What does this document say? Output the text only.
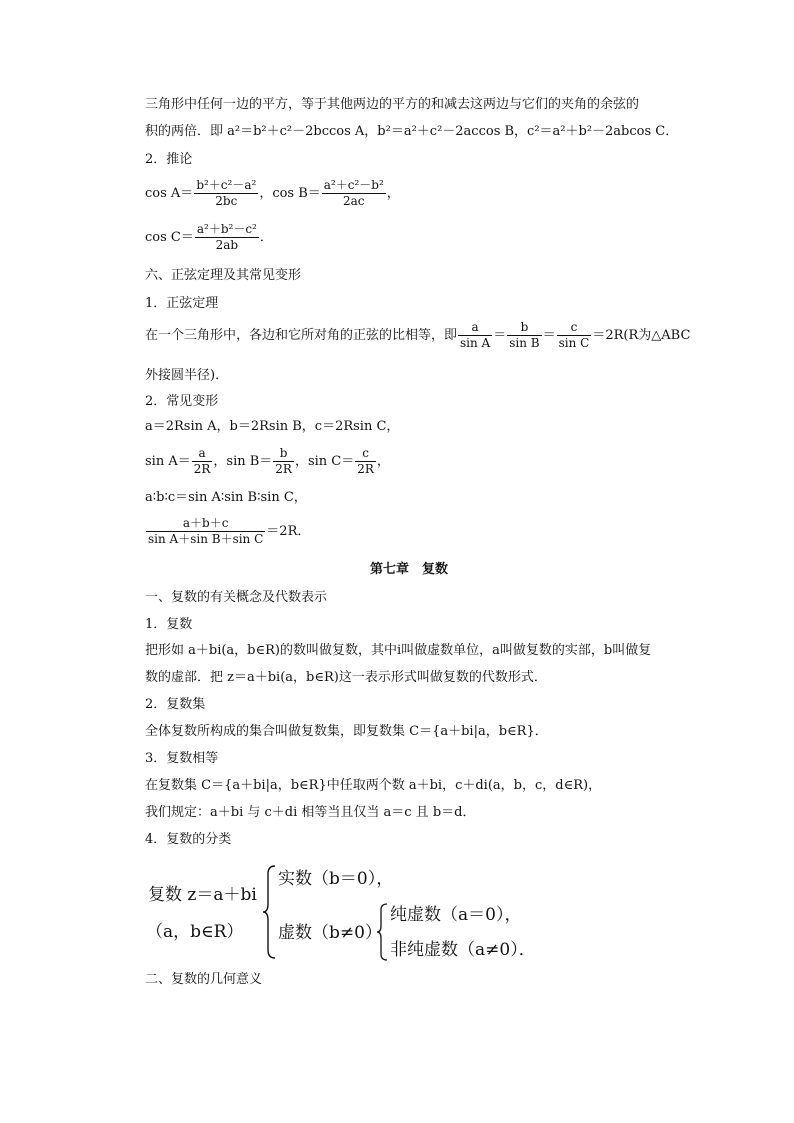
三角形中任何一边的平方，等于其他两边的平方的和减去这两边与它们的夹角的余弦的
积的两倍．即 a²＝b²＋c²－2bccos A，b²＝a²＋c²－2accos B，c²＝a²＋b²－2abcos C．
2．推论
$\cos A= \frac{\text{b²＋c²－a²}}{2bc}$ ，$\cos B= \frac{\text{a²＋c²－b²}}{2ac}$ ，
$\cos C= \frac{\text{a²＋b²－c²}}{2ab}$ ．
六、正弦定理及其常见变形
1．正弦定理
在一个三角形中，各边和它所对角的正弦的比相等，即 $\frac{a}{\text{sin A}} = \frac{b}{\text{sin B}} = \frac{c}{\text{sin C}} =2R(R$为△ABC
外接圆半径)．
2．常见变形
a＝2Rsin A，b＝2Rsin B，c＝2Rsin C，
$\sin A= \frac{a}{2R}$ ，$\sin B= \frac{b}{2R}$ ，$\sin C= \frac{c}{2R}$ ，
a∶b∶c＝sin A∶sin B∶sin C，
$\frac{a+b+c}{\text{sin A＋sin B＋sin C}} =2R$．
第七章　复数
一、复数的有关概念及代数表示
1．复数
把形如 a＋bi(a，b∈R)的数叫做复数，其中i叫做虚数单位，a叫做复数的实部，b叫做复
数的虚部．把 z＝a＋bi(a，b∈R)这一表示形式叫做复数的代数形式．
2．复数集
全体复数所构成的集合叫做复数集，即复数集 C＝{a＋bi|a，b∈R}．
3．复数相等
在复数集 C＝{a＋bi|a，b∈R}中任取两个数 a＋bi，c＋di(a，b，c，d∈R)，
我们规定：a＋bi 与 c＋di 相等当且仅当 a＝c 且 b＝d．
4．复数的分类
复数 z＝a＋bi
（a，b∈R）
实数（b＝0），
虚数（b≠0）
纯虚数（a＝0），
非纯虚数（a≠0）．
二、复数的几何意义
